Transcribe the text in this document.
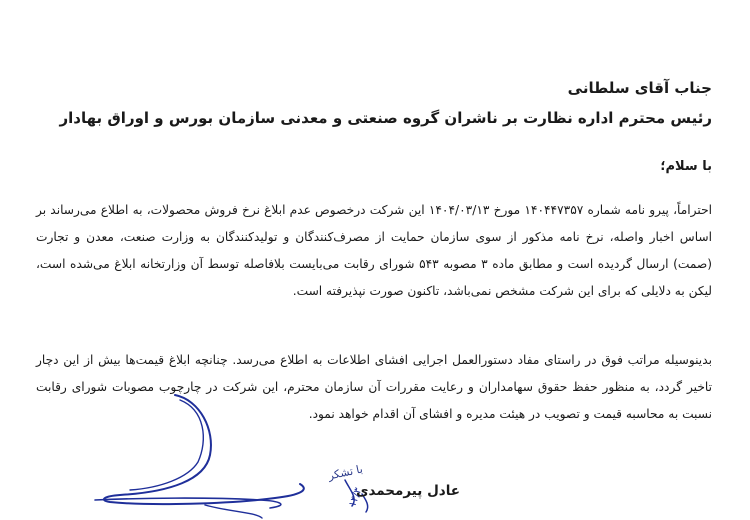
جناب آقای سلطانی
رئیس محترم اداره نظارت بر ناشران گروه صنعتی و معدنی سازمان بورس و اوراق بهادار
با سلام؛
احتراماً، پیرو نامه شماره ۱۴۰۴۴۷۳۵۷ مورخ ۱۴۰۴/۰۳/۱۳ این شرکت درخصوص عدم ابلاغ نرخ فروش محصولات، به اطلاع می‌رساند بر اساس اخبار واصله، نرخ نامه مذکور از سوی سازمان حمایت از مصرف‌کنندگان و تولیدکنندگان به وزارت صنعت، معدن و تجارت (صمت) ارسال گردیده است و مطابق ماده ۳ مصوبه ۵۴۳ شورای رقابت می‌بایست بلافاصله توسط آن وزارتخانه ابلاغ می‌شده است، لیکن به دلایلی که برای این شرکت مشخص نمی‌باشد، تاکنون صورت نپذیرفته است.
بدینوسیله مراتب فوق در راستای مفاد دستورالعمل اجرایی افشای اطلاعات به اطلاع می‌رسد. چنانچه ابلاغ قیمت‌ها بیش از این دچار تاخیر گردد، به منظور حفظ حقوق سهامداران و رعایت مقررات آن سازمان محترم، این شرکت در چارچوب مصوبات شورای رقابت نسبت به محاسبه قیمت و تصویب در هیئت مدیره و افشای آن اقدام خواهد نمود.
با تشکر
عادل پیرمحمدی
۱۴/۳
